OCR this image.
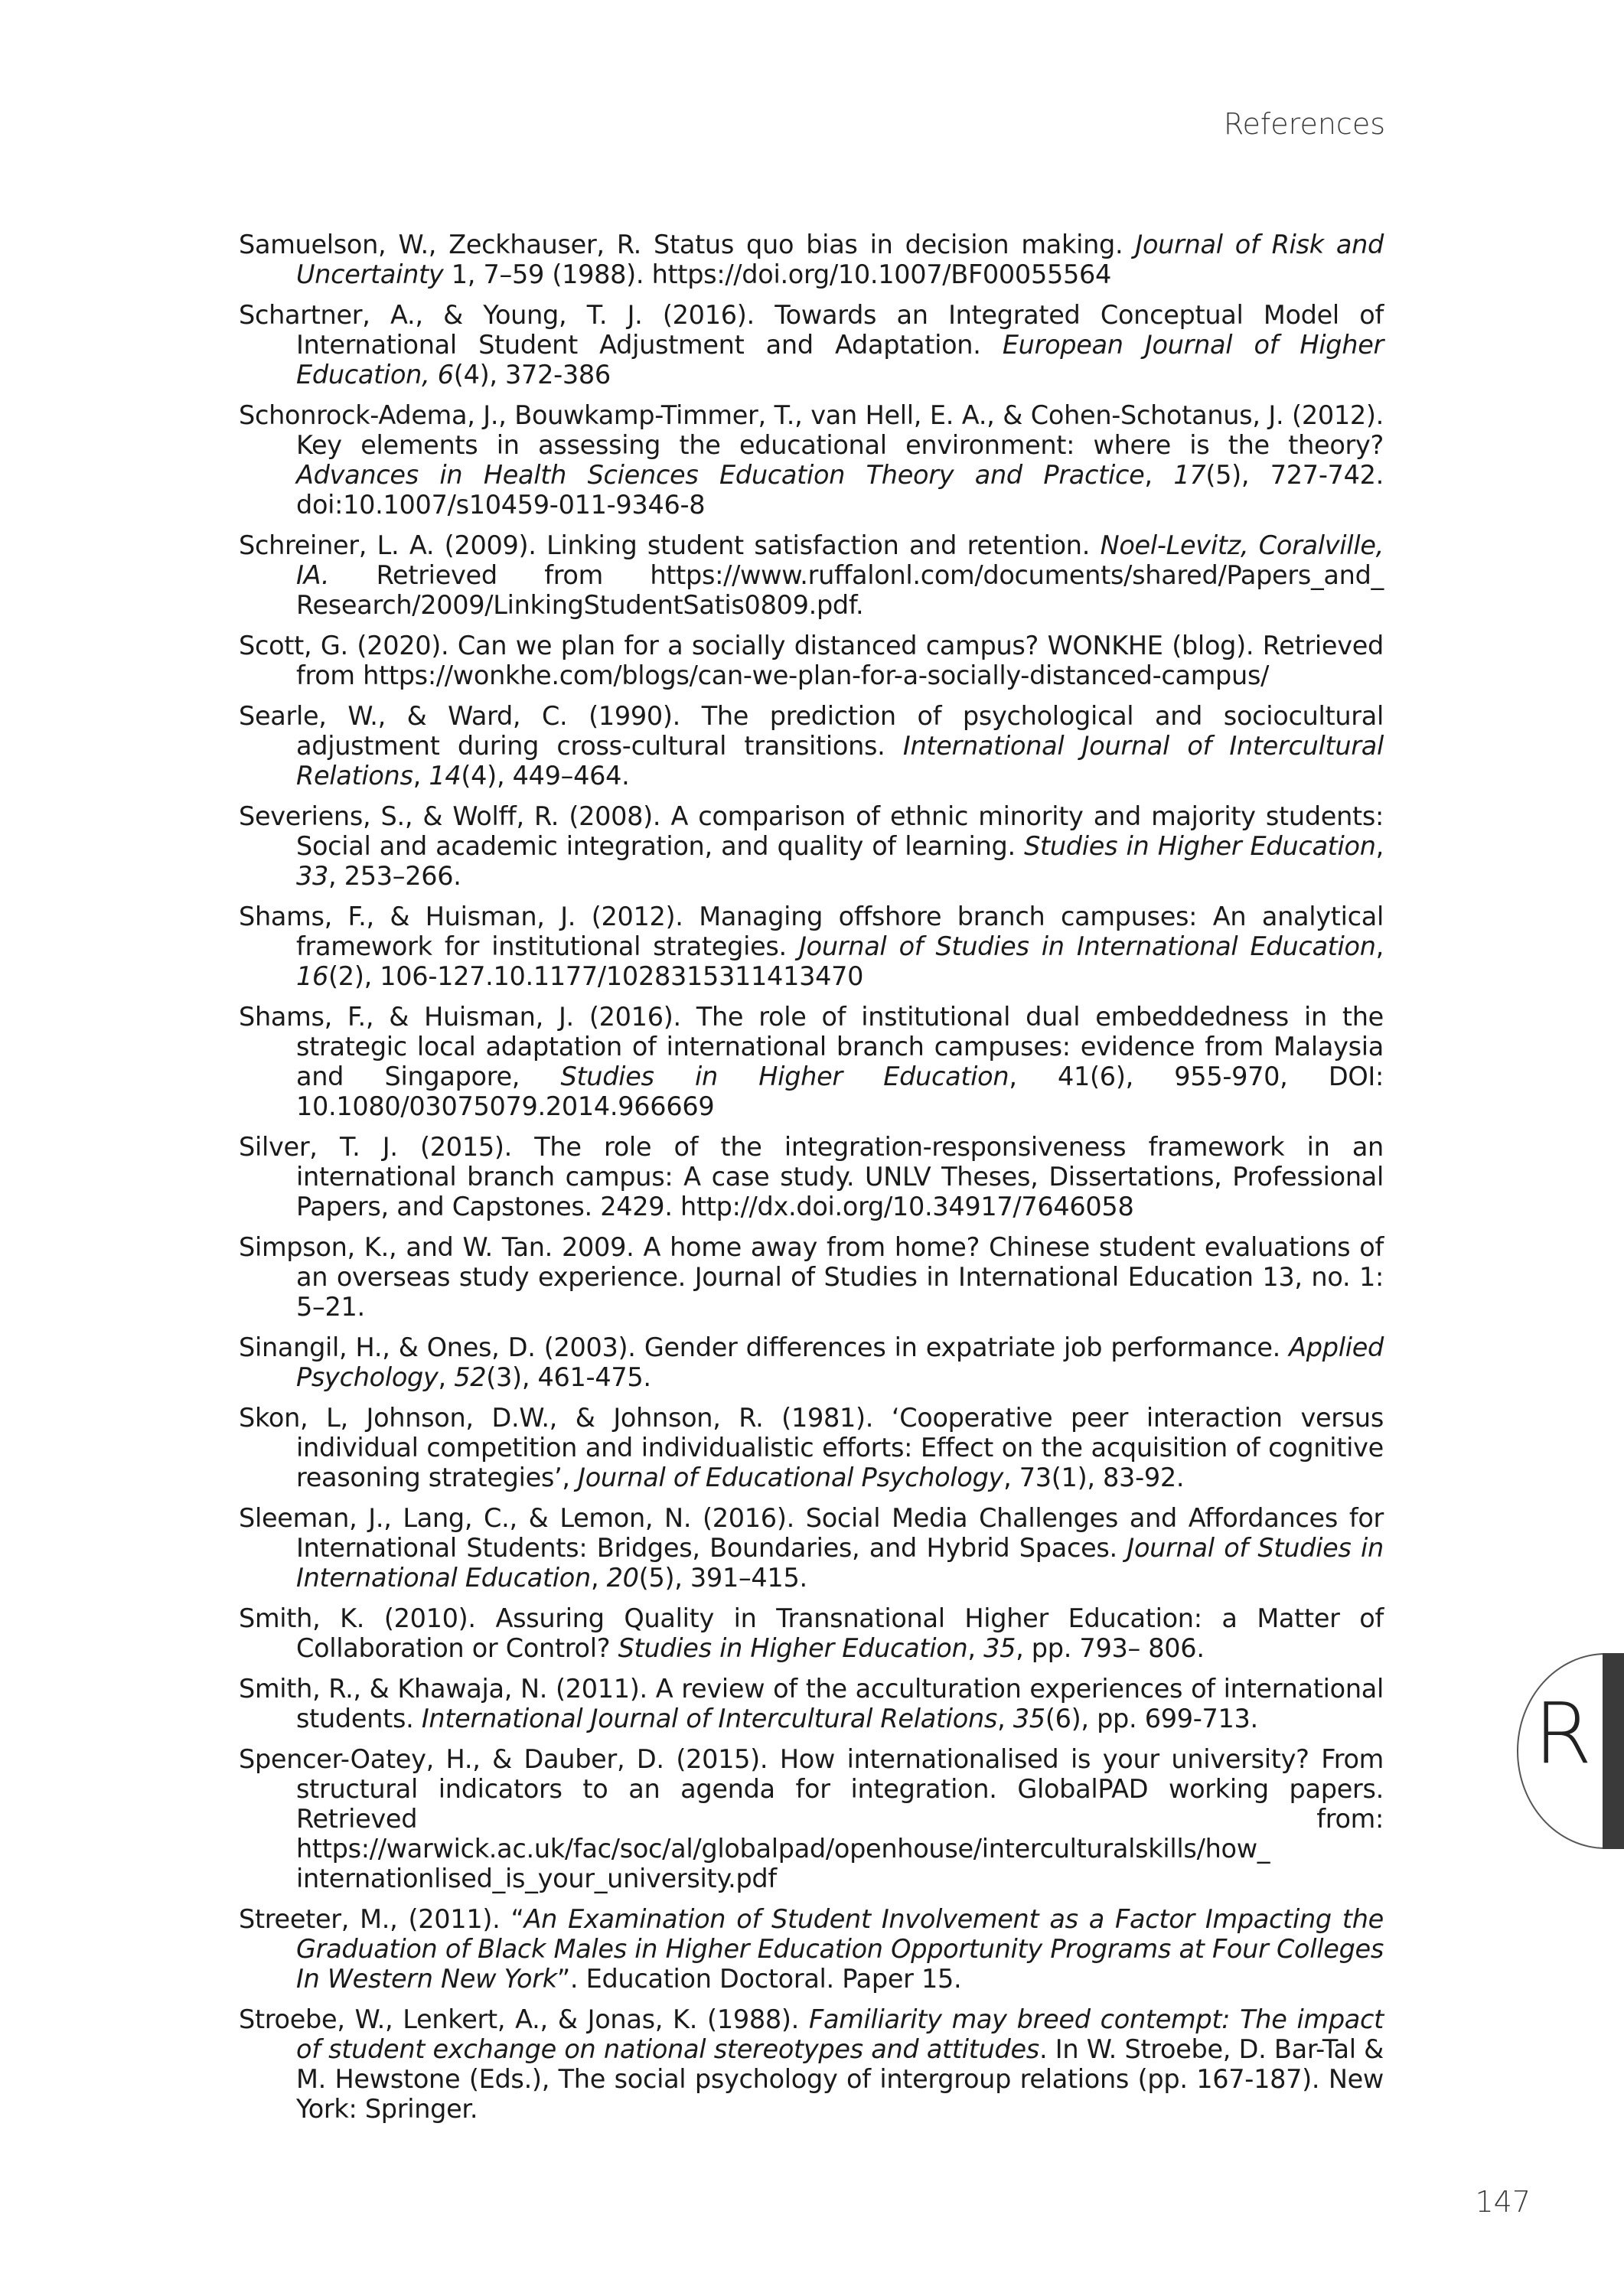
References

Samuelson, W., Zeckhauser, R. Status quo bias in decision making. Journal of Risk and Uncertainty 1, 7–59 (1988). https://doi.org/10.1007/BF00055564

Schartner, A., & Young, T. J. (2016). Towards an Integrated Conceptual Model of International Student Adjustment and Adaptation. European Journal of Higher Education, 6(4), 372-386

Schonrock-Adema, J., Bouwkamp-Timmer, T., van Hell, E. A., & Cohen-Schotanus, J. (2012). Key elements in assessing the educational environment: where is the theory? Advances in Health Sciences Education Theory and Practice, 17(5), 727-742. doi:10.1007/s10459-011-9346-8

Schreiner, L. A. (2009). Linking student satisfaction and retention. Noel-Levitz, Coralville, IA. Retrieved from https://www.ruffalonl.com/documents/shared/Papers_and_ Research/2009/LinkingStudentSatis0809.pdf.

Scott, G. (2020). Can we plan for a socially distanced campus? WONKHE (blog). Retrieved from https://wonkhe.com/blogs/can-we-plan-for-a-socially-distanced-campus/

Searle, W., & Ward, C. (1990). The prediction of psychological and sociocultural adjustment during cross-cultural transitions. International Journal of Intercultural Relations, 14(4), 449–464.

Severiens, S., & Wolff, R. (2008). A comparison of ethnic minority and majority students: Social and academic integration, and quality of learning. Studies in Higher Education, 33, 253–266.

Shams, F., & Huisman, J. (2012). Managing offshore branch campuses: An analytical framework for institutional strategies. Journal of Studies in International Education, 16(2), 106-127.10.1177/1028315311413470

Shams, F., & Huisman, J. (2016). The role of institutional dual embeddedness in the strategic local adaptation of international branch campuses: evidence from Malaysia and Singapore, Studies in Higher Education, 41(6), 955-970, DOI: 10.1080/03075079.2014.966669

Silver, T. J. (2015). The role of the integration-responsiveness framework in an international branch campus: A case study. UNLV Theses, Dissertations, Professional Papers, and Capstones. 2429. http://dx.doi.org/10.34917/7646058

Simpson, K., and W. Tan. 2009. A home away from home? Chinese student evaluations of an overseas study experience. Journal of Studies in International Education 13, no. 1: 5–21.

Sinangil, H., & Ones, D. (2003). Gender differences in expatriate job performance. Applied Psychology, 52(3), 461-475.

Skon, L, Johnson, D.W., & Johnson, R. (1981). ‘Cooperative peer interaction versus individual competition and individualistic efforts: Effect on the acquisition of cognitive reasoning strategies’, Journal of Educational Psychology, 73(1), 83-92.

Sleeman, J., Lang, C., & Lemon, N. (2016). Social Media Challenges and Affordances for International Students: Bridges, Boundaries, and Hybrid Spaces. Journal of Studies in International Education, 20(5), 391–415.

Smith, K. (2010). Assuring Quality in Transnational Higher Education: a Matter of Collaboration or Control? Studies in Higher Education, 35, pp. 793– 806.

Smith, R., & Khawaja, N. (2011). A review of the acculturation experiences of international students. International Journal of Intercultural Relations, 35(6), pp. 699-713.

Spencer-Oatey, H., & Dauber, D. (2015). How internationalised is your university? From structural indicators to an agenda for integration. GlobalPAD working papers. Retrieved from: https://warwick.ac.uk/fac/soc/al/globalpad/openhouse/interculturalskills/how_ internationlised_is_your_university.pdf

Streeter, M., (2011). “An Examination of Student Involvement as a Factor Impacting the Graduation of Black Males in Higher Education Opportunity Programs at Four Colleges In Western New York”. Education Doctoral. Paper 15.

Stroebe, W., Lenkert, A., & Jonas, K. (1988). Familiarity may breed contempt: The impact of student exchange on national stereotypes and attitudes. In W. Stroebe, D. Bar-Tal & M. Hewstone (Eds.), The social psychology of intergroup relations (pp. 167-187). New York: Springer.

R
147
